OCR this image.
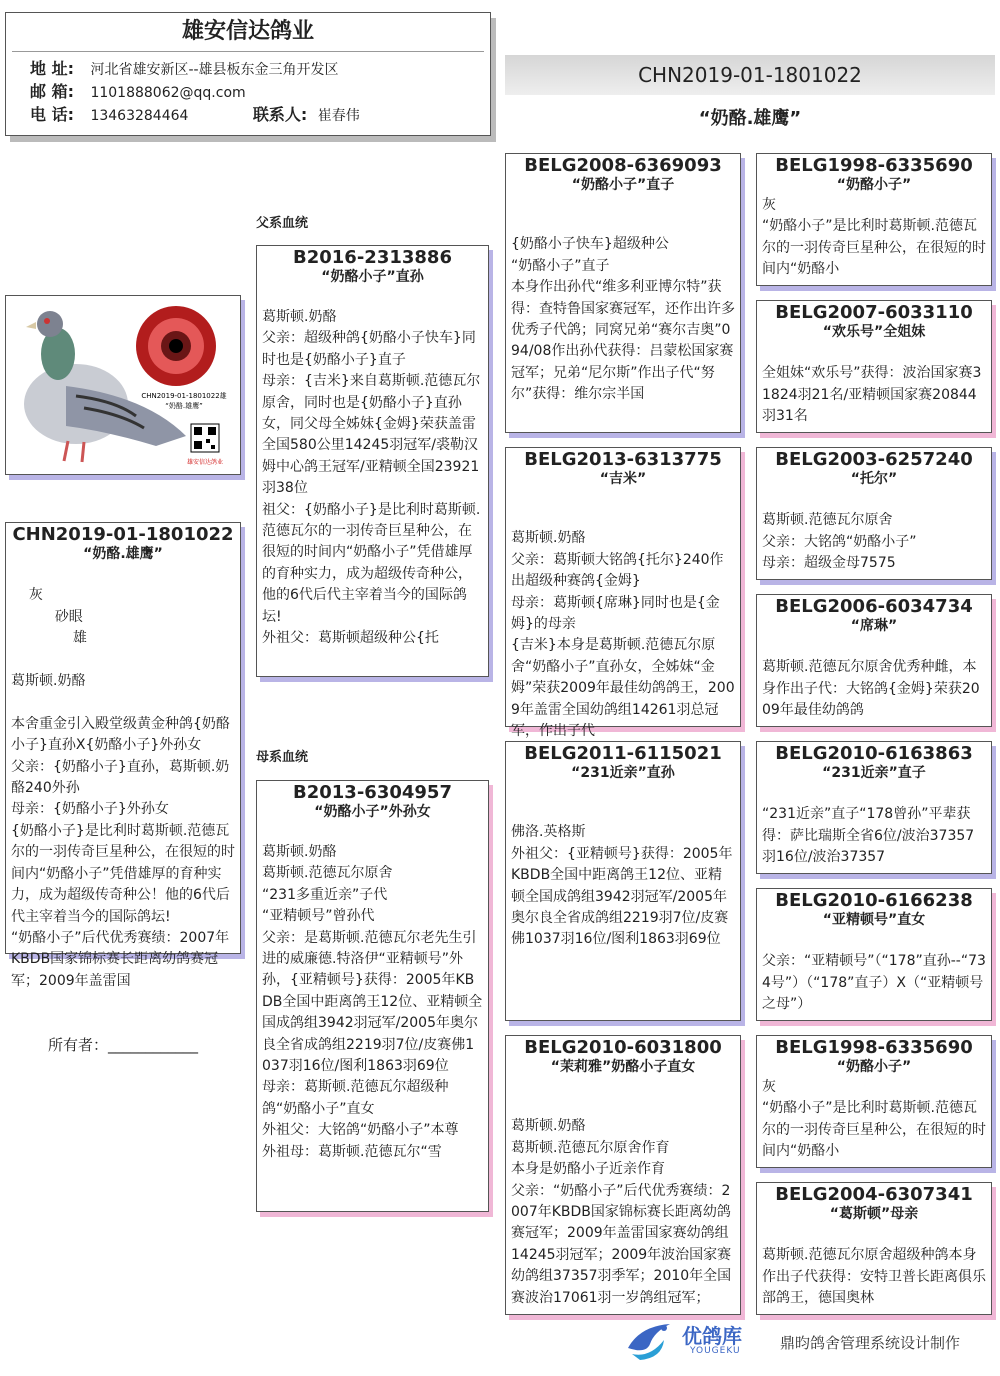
雄安信达鸽业
地 址: 河北省雄安新区--雄县板东金三角开发区
邮 箱: 1101888062@qq.com
电 话: 13463284464	联系人: 崔春伟
CHN2019-01-1801022
“奶酪.雄鹰”
CHN2019-01-1801022雄
“奶酪.雄鹰”
雄安信达鸽业
CHN2019-01-1801022
“奶酪.雄鹰”

灰
砂眼
雄

葛斯顿.奶酪

本舍重金引入殿堂级黄金种鸽{奶酪小子}直孙X{奶酪小子}外孙女
父亲：{奶酪小子}直孙，葛斯顿.奶酪240外孙
母亲：{奶酪小子}外孙女
{奶酪小子}是比利时葛斯顿.范德瓦尔的一羽传奇巨星种公，在很短的时间内“奶酪小子”凭借雄厚的育种实力，成为超级传奇种公！他的6代后代主宰着当今的国际鸽坛!
“奶酪小子”后代优秀赛绩：2007年KBDB国家锦标赛长距离幼鸽赛冠军；2009年盖雷国
所有者：____________
父系血统
母系血统
B2016-2313886
“奶酪小子”直孙
葛斯顿.奶酪
父亲：超级种鸽{奶酪小子快车}同时也是{奶酪小子}直子
母亲：{吉米}来自葛斯顿.范德瓦尔原舍，同时也是{奶酪小子}直孙女，同父母全姊妹{金姆}荣获盖雷全国580公里14245羽冠军/裘勒汉姆中心鸽王冠军/亚精顿全国23921羽38位
祖父：{奶酪小子}是比利时葛斯顿.范德瓦尔的一羽传奇巨星种公，在很短的时间内“奶酪小子”凭借雄厚的育种实力，成为超级传奇种公，他的6代后代主宰着当今的国际鸽坛!
外祖父：葛斯顿超级种公{托
B2013-6304957
“奶酪小子”外孙女
葛斯顿.奶酪
葛斯顿.范德瓦尔原舍
“231多重近亲”子代
“亚精顿号”曾孙代
父亲：是葛斯顿.范德瓦尔老先生引进的威廉德.特洛伊“亚精顿号”外孙，{亚精顿号}获得：2005年KBDB全国中距离鸽王12位、亚精顿全国成鸽组3942羽冠军/2005年奥尔良全省成鸽组2219羽7位/皮赛佛1037羽16位/图利1863羽69位
母亲：葛斯顿.范德瓦尔超级种鸽“奶酪小子”直女
外祖父：大铭鸽“奶酪小子”本尊
外祖母：葛斯顿.范德瓦尔“雪
BELG2008-6369093
“奶酪小子”直子

{奶酪小子快车}超级种公
“奶酪小子”直子
本身作出孙代“维多利亚博尔特”获得：查特鲁国家赛冠军，还作出许多优秀子代鸽；同窝兄弟“赛尔吉奥”094/08作出孙代获得：吕蒙松国家赛冠军；兄弟“尼尔斯”作出子代“努尔”获得：维尔宗半国
BELG2013-6313775
“吉米”

葛斯顿.奶酪
父亲：葛斯顿大铭鸽{托尔}240作出超级种赛鸽{金姆}
母亲：葛斯顿{席琳}同时也是{金姆}的母亲
{吉米}本身是葛斯顿.范德瓦尔原舍“奶酪小子”直孙女，全姊妹“金姆”荣获2009年最佳幼鸽鸽王，2009年盖雷全国幼鸽组14261羽总冠军，作出子代
BELG2011-6115021
“231近亲”直孙

佛洛.英格斯
外祖父：{亚精顿号}获得：2005年KBDB全国中距离鸽王12位、亚精顿全国成鸽组3942羽冠军/2005年奥尔良全省成鸽组2219羽7位/皮赛佛1037羽16位/图利1863羽69位
BELG2010-6031800
“茉莉雅”奶酪小子直女

葛斯顿.奶酪
葛斯顿.范德瓦尔原舍作育
本身是奶酪小子近亲作育
父亲：“奶酪小子”后代优秀赛绩：2007年KBDB国家锦标赛长距离幼鸽赛冠军；2009年盖雷国家赛幼鸽组14245羽冠军；2009年波治国家赛幼鸽组37357羽季军；2010年全国赛波治17061羽一岁鸽组冠军；
BELG1998-6335690
“奶酪小子”
灰
“奶酪小子”是比利时葛斯顿.范德瓦尔的一羽传奇巨星种公，在很短的时间内“奶酪小
BELG2007-6033110
“欢乐号”全姐妹

全姐妹“欢乐号”获得：波治国家赛31824羽21名/亚精顿国家赛20844羽31名
BELG2003-6257240
“托尔”

葛斯顿.范德瓦尔原舍
父亲：大铭鸽“奶酪小子”
母亲：超级金母7575
BELG2006-6034734
“席琳”

葛斯顿.范德瓦尔原舍优秀种雌，本身作出子代：大铭鸽{金姆}荣获2009年最佳幼鸽鸽
BELG2010-6163863
“231近亲”直子

“231近亲”直子“178曾孙”平辈获得：萨比瑞斯全省6位/波治37357羽16位/波治37357
BELG2010-6166238
“亚精顿号”直女

父亲：“亚精顿号”（“178”直孙--“734号”）（“178”直子）X（“亚精顿号之母”）
BELG1998-6335690
“奶酪小子”
灰
“奶酪小子”是比利时葛斯顿.范德瓦尔的一羽传奇巨星种公，在很短的时间内“奶酪小
BELG2004-6307341
“葛斯顿”母亲

葛斯顿.范德瓦尔原舍超级种鸽本身作出子代获得：安特卫普长距离俱乐部鸽王，德国奥林
优鸽库
YOUGEKU	鼎昀鸽舍管理系统设计制作
